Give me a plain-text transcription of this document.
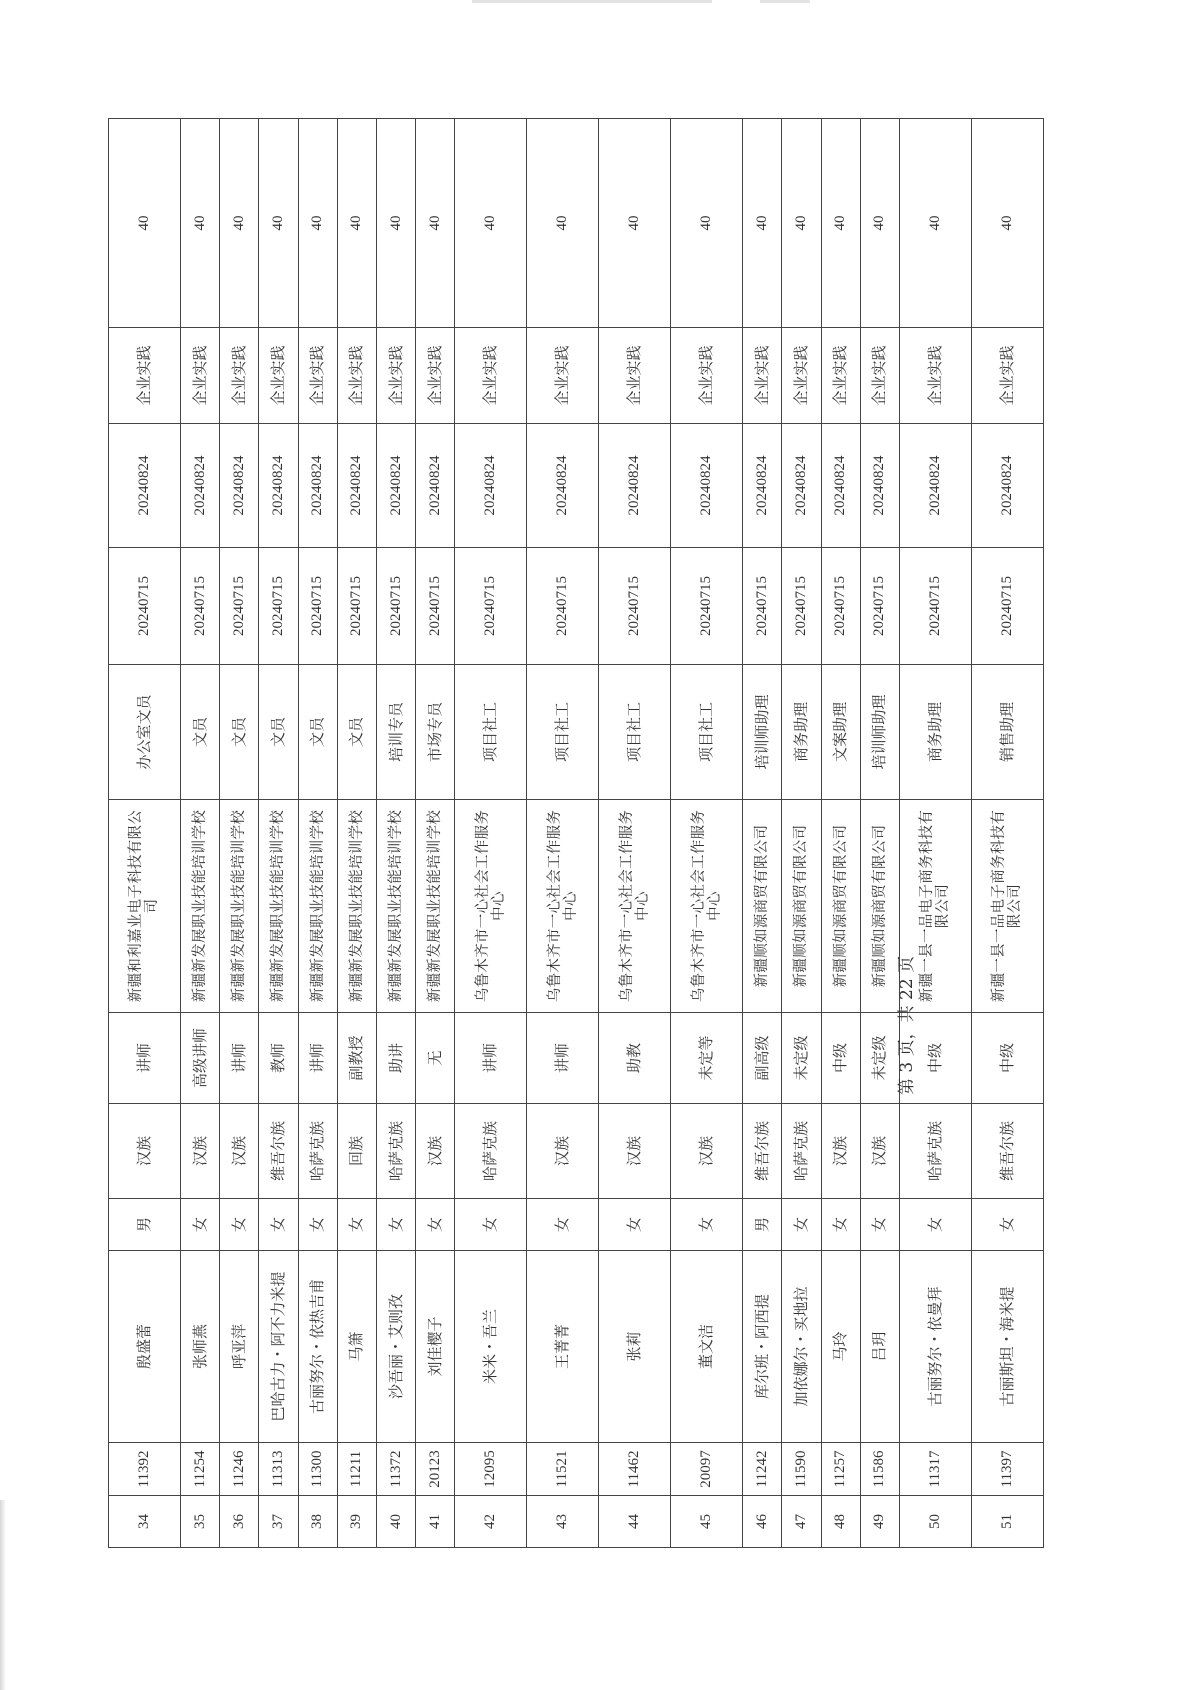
34	11392	殷盛蕾	男	汉族	讲师	新疆和利嘉业电子科技有限公司	办公室文员	20240715	20240824	企业实践	40
35	11254	张师燕	女	汉族	高级讲师	新疆新发展职业技能培训学校	文员	20240715	20240824	企业实践	40
36	11246	呼亚萍	女	汉族	讲师	新疆新发展职业技能培训学校	文员	20240715	20240824	企业实践	40
37	11313	巴哈古力・阿不力米提	女	维吾尔族	教师	新疆新发展职业技能培训学校	文员	20240715	20240824	企业实践	40
38	11300	古丽努尔・依热吉甫	女	哈萨克族	讲师	新疆新发展职业技能培训学校	文员	20240715	20240824	企业实践	40
39	11211	马箫	女	回族	副教授	新疆新发展职业技能培训学校	文员	20240715	20240824	企业实践	40
40	11372	沙吾丽・艾则孜	女	哈萨克族	助讲	新疆新发展职业技能培训学校	培训专员	20240715	20240824	企业实践	40
41	20123	刘佳樱子	女	汉族	无	新疆新发展职业技能培训学校	市场专员	20240715	20240824	企业实践	40
42	12095	米米・吾兰	女	哈萨克族	讲师	乌鲁木齐市一心社会工作服务中心	项目社工	20240715	20240824	企业实践	40
43	11521	王菁菁	女	汉族	讲师	乌鲁木齐市一心社会工作服务中心	项目社工	20240715	20240824	企业实践	40
44	11462	张莉	女	汉族	助教	乌鲁木齐市一心社会工作服务中心	项目社工	20240715	20240824	企业实践	40
45	20097	董文洁	女	汉族	未定等	乌鲁木齐市一心社会工作服务中心	项目社工	20240715	20240824	企业实践	40
46	11242	库尔班・阿西提	男	维吾尔族	副高级	新疆顺如源商贸有限公司	培训师助理	20240715	20240824	企业实践	40
47	11590	加依娜尔・买地拉	女	哈萨克族	未定级	新疆顺如源商贸有限公司	商务助理	20240715	20240824	企业实践	40
48	11257	马玲	女	汉族	中级	新疆顺如源商贸有限公司	文案助理	20240715	20240824	企业实践	40
49	11586	吕玥	女	汉族	未定级	新疆顺如源商贸有限公司	培训师助理	20240715	20240824	企业实践	40
50	11317	古丽努尔・依曼拜	女	哈萨克族	中级	新疆一县一品电子商务科技有限公司	商务助理	20240715	20240824	企业实践	40
51	11397	古丽斯坦・海米提	女	维吾尔族	中级	新疆一县一品电子商务科技有限公司	销售助理	20240715	20240824	企业实践	40
第 3 页，共 22 页
